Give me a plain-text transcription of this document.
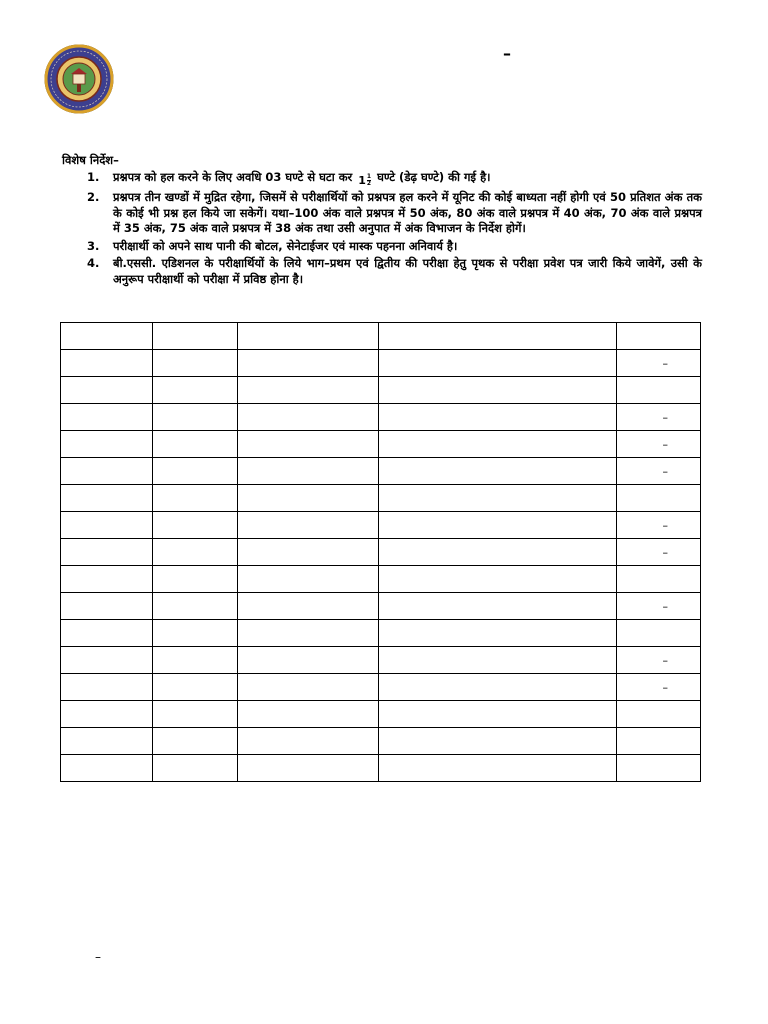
–
विशेष निर्देश–
1. प्रश्नपत्र को हल करने के लिए अवधि 03 घण्टे से घटा कर $1 \frac{1}{2}$ घण्टे (डेढ़ घण्टे) की गई है।
2. प्रश्नपत्र तीन खण्डों में मुद्रित रहेगा, जिसमें से परीक्षार्थियों को प्रश्नपत्र हल करने में यूनिट की कोई बाध्यता नहीं होगी एवं 50 प्रतिशत अंक तक के कोई भी प्रश्न हल किये जा सकेगें। यथा–100 अंक वाले प्रश्नपत्र में 50 अंक, 80 अंक वाले प्रश्नपत्र में 40 अंक, 70 अंक वाले प्रश्नपत्र में 35 अंक, 75 अंक वाले प्रश्नपत्र में 38 अंक तथा उसी अनुपात में अंक विभाजन के निर्देश होगें।
3. परीक्षार्थी को अपने साथ पानी की बोटल, सेनेटाईजर एवं मास्क पहनना अनिवार्य है।
4. बी.एससी. एडिशनल के परीक्षार्थियों के लिये भाग–प्रथम एवं द्वितीय की परीक्षा हेतु पृथक से परीक्षा प्रवेश पत्र जारी किये जावेगें, उसी के अनुरूप परीक्षार्थी को परीक्षा में प्रविष्ठ होना है।

				–

				–
				–
				–

				–
				–

				–

				–
				–

–
